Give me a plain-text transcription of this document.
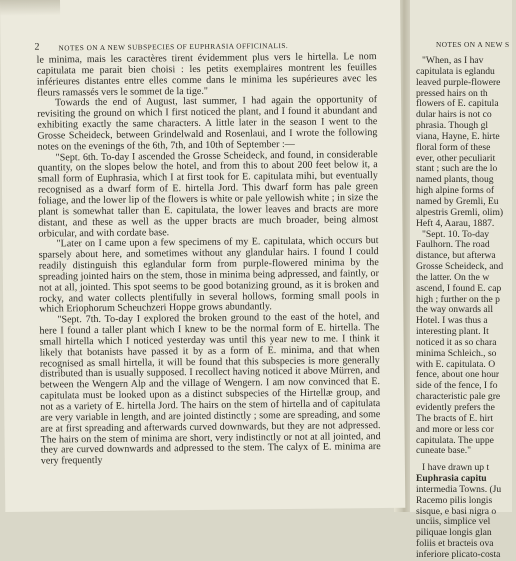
2	NOTES ON A NEW SUBSPECIES OF EUPHRASIA OFFICINALIS.

le minima, mais les caractères tirent évidemment plus vers le hirtella. Le nom capitulata me parait bien choisi : les petits exemplaires montrent les feuilles inférieures distantes entre elles comme dans le minima les supérieures avec les fleurs ramassés vers le sommet de la tige."

Towards the end of August, last summer, I had again the opportunity of revisiting the ground on which I first noticed the plant, and I found it abundant and exhibiting exactly the same characters. A little later in the season I went to the Grosse Scheideck, between Grindelwald and Rosenlaui, and I wrote the following notes on the evenings of the 6th, 7th, and 10th of September :—

"Sept. 6th. To-day I ascended the Grosse Scheideck, and found, in considerable quantity, on the slopes below the hotel, and from this to about 200 feet below it, a small form of Euphrasia, which I at first took for E. capitulata mihi, but eventually recognised as a dwarf form of E. hirtella Jord. This dwarf form has pale green foliage, and the lower lip of the flowers is white or pale yellowish white ; in size the plant is somewhat taller than E. capitulata, the lower leaves and bracts are more distant, and these as well as the upper bracts are much broader, being almost orbicular, and with cordate base.

"Later on I came upon a few specimens of my E. capitulata, which occurs but sparsely about here, and sometimes without any glandular hairs. I found I could readily distinguish this eglandular form from purple-flowered minima by the spreading jointed hairs on the stem, those in minima being adpressed, and faintly, or not at all, jointed. This spot seems to be good botanizing ground, as it is broken and rocky, and water collects plentifully in several hollows, forming small pools in which Eriophorum Scheuchzeri Hoppe grows abundantly.

"Sept. 7th. To-day I explored the broken ground to the east of the hotel, and here I found a taller plant which I knew to be the normal form of E. hirtella. The small hirtella which I noticed yesterday was until this year new to me. I think it likely that botanists have passed it by as a form of E. minima, and that when recognised as small hirtella, it will be found that this subspecies is more generally distributed than is usually supposed. I recollect having noticed it above Mürren, and between the Wengern Alp and the village of Wengern. I am now convinced that E. capitulata must be looked upon as a distinct subspecies of the Hirtellæ group, and not as a variety of E. hirtella Jord. The hairs on the stem of hirtella and of capitulata are very variable in length, and are jointed distinctly ; some are spreading, and some are at first spreading and afterwards curved downwards, but they are not adpressed. The hairs on the stem of minima are short, very indistinctly or not at all jointed, and they are curved downwards and adpressed to the stem. The calyx of E. minima are very frequently

NOTES ON A NEW S
"When, as I hav
capitulata is eglandu
leaved purple-flowere
pressed hairs on th
flowers of E. capitula
dular hairs is not co
phrasia. Though gl
viana, Hayne, E. hirte
floral form of these
ever, other peculiarit
stant ; such are the lo
named plants, thoug
high alpine forms of
named by Gremli, Eu
alpestris Gremli, olim)
Heft 4, Aarau, 1887.
"Sept. 10. To-day
Faulhorn. The road
distance, but afterwa
Grosse Scheideck, and
the latter. On the w
ascend, I found E. cap
high ; further on the p
the way onwards all
Hotel. I was thus a
interesting plant. It
noticed it as so chara
minima Schleich., so
with E. capitulata. O
fence, about one hour
side of the fence, I fo
characteristic pale gre
evidently prefers the
The bracts of E. hirt
and more or less cor
capitulata. The uppe
cuneate base."
I have drawn up t
Euphrasia capitu
intermedia Towns. (Ju
Racemo pilis longis
sisque, e basi nigra o
unciis, simplice vel
piliquae longis glan
foliis et bracteis ova
inferiore plicato-costa
